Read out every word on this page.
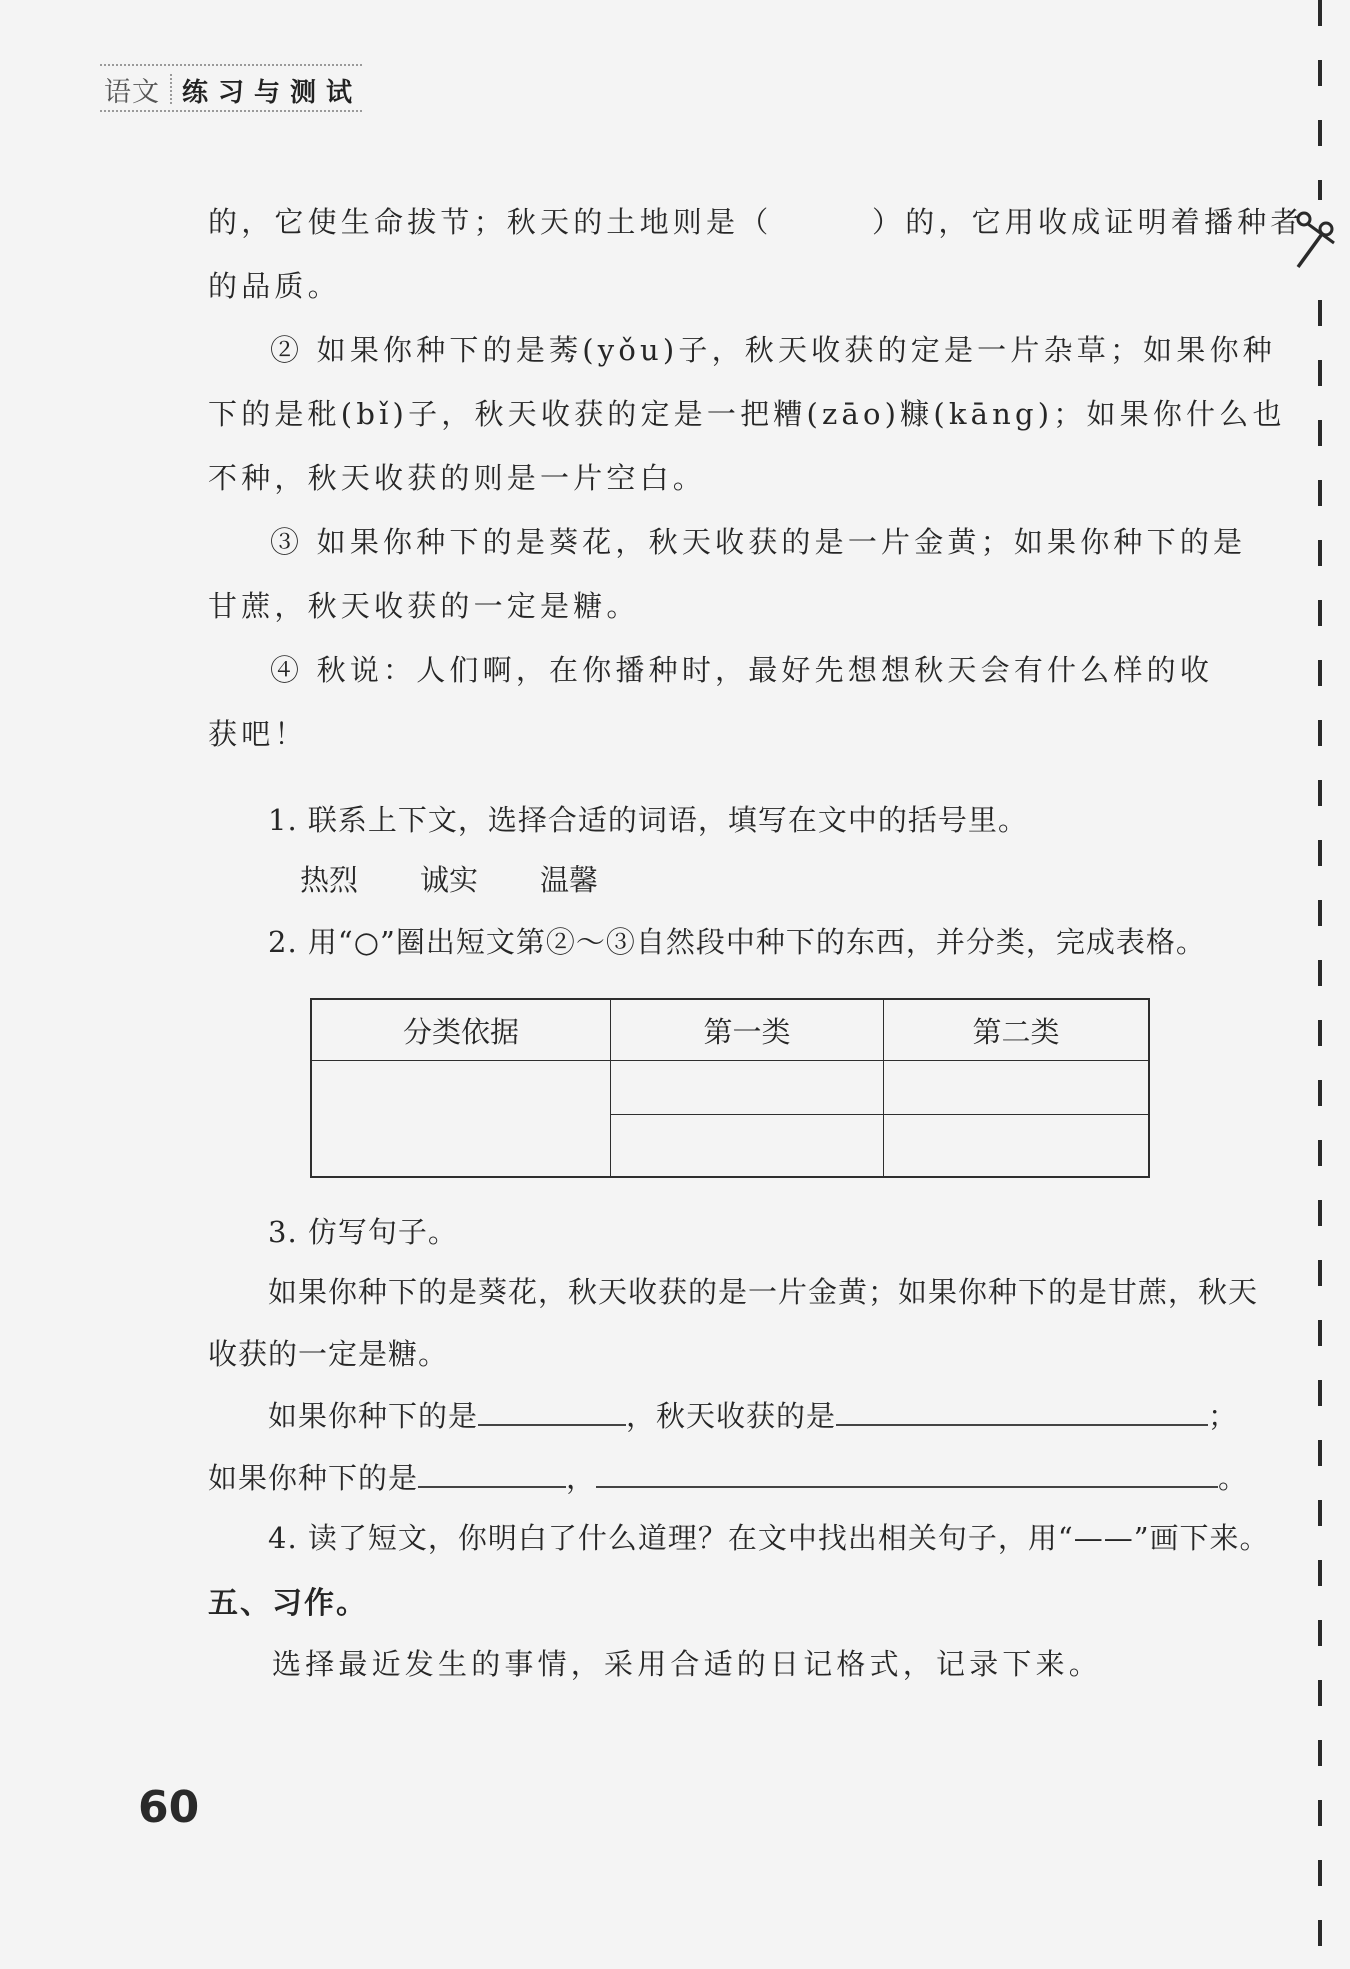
语文 练习与测试
的，它使生命拔节；秋天的土地则是（　　　）的，它用收成证明着播种者
的品质。
② 如果你种下的是莠(yǒu)子，秋天收获的定是一片杂草；如果你种
下的是秕(bǐ)子，秋天收获的定是一把糟(zāo)糠(kāng)；如果你什么也
不种，秋天收获的则是一片空白。
③ 如果你种下的是葵花，秋天收获的是一片金黄；如果你种下的是
甘蔗，秋天收获的一定是糖。
④ 秋说：人们啊，在你播种时，最好先想想秋天会有什么样的收
获吧！
1. 联系上下文，选择合适的词语，填写在文中的括号里。
热烈 诚实 温馨
2. 用“○”圈出短文第②～③自然段中种下的东西，并分类，完成表格。
分类依据	第一类	第二类

3. 仿写句子。
如果你种下的是葵花，秋天收获的是一片金黄；如果你种下的是甘蔗，秋天
收获的一定是糖。
如果你种下的是	，秋天收获的是	；
如果你种下的是	，	。
4. 读了短文，你明白了什么道理？在文中找出相关句子，用“——”画下来。
五、习作。
选择最近发生的事情，采用合适的日记格式，记录下来。
60
